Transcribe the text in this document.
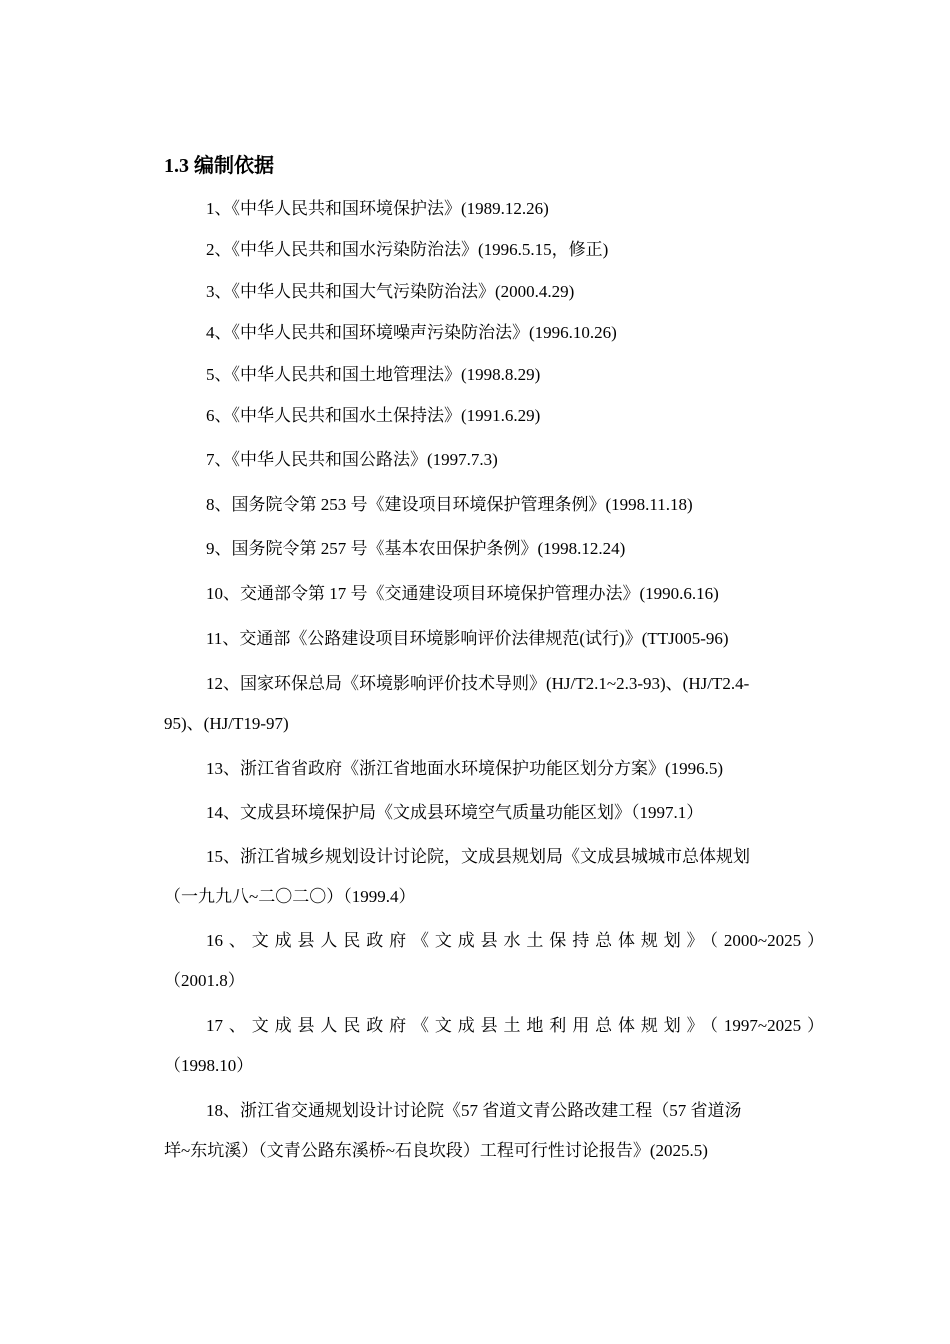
1.3 编制依据
1、《中华人民共和国环境保护法》(1989.12.26)
2、《中华人民共和国水污染防治法》(1996.5.15，修正)
3、《中华人民共和国大气污染防治法》(2000.4.29)
4、《中华人民共和国环境噪声污染防治法》(1996.10.26)
5、《中华人民共和国土地管理法》(1998.8.29)
6、《中华人民共和国水土保持法》(1991.6.29)
7、《中华人民共和国公路法》(1997.7.3)
8、国务院令第 253 号《建设项目环境保护管理条例》(1998.11.18)
9、国务院令第 257 号《基本农田保护条例》(1998.12.24)
10、交通部令第 17 号《交通建设项目环境保护管理办法》(1990.6.16)
11、交通部《公路建设项目环境影响评价法律规范(试行)》(TTJ005-96)
12、国家环保总局《环境影响评价技术导则》(HJ/T2.1~2.3-93)、(HJ/T2.4-
95)、(HJ/T19-97)
13、浙江省省政府《浙江省地面水环境保护功能区划分方案》(1996.5)
14、文成县环境保护局《文成县环境空气质量功能区划》（1997.1）
15、浙江省城乡规划设计讨论院，文成县规划局《文成县城城市总体规划
（一九九八~二〇二〇）（1999.4）
16、文成县人民政府《文成县水土保持总体规划》（2000~2025）
（2001.8）
17、文成县人民政府《文成县土地利用总体规划》（1997~2025）
（1998.10）
18、浙江省交通规划设计讨论院《57 省道文青公路改建工程（57 省道汤
垟~东坑溪）（文青公路东溪桥~石良坎段）工程可行性讨论报告》(2025.5)
